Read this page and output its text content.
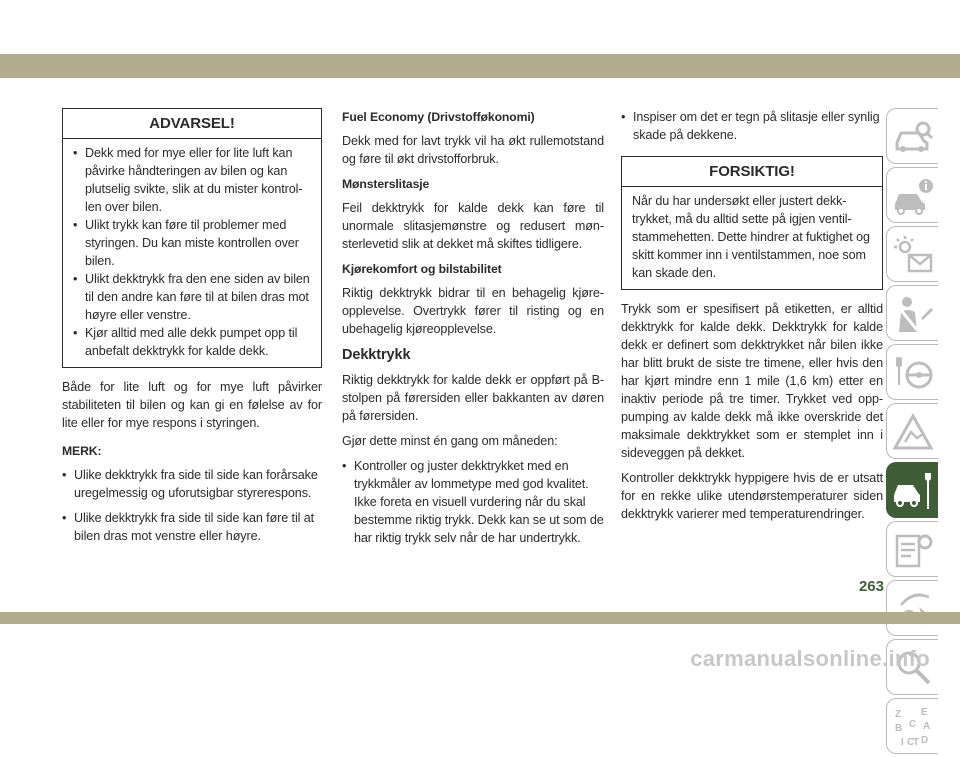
ADVARSEL!
• Dekk med for mye eller for lite luft kan påvirke håndteringen av bilen og kan plutselig svikte, slik at du mister kontrollen over bilen.
• Ulikt trykk kan føre til problemer med styringen. Du kan miste kontrollen over bilen.
• Ulikt dekktrykk fra den ene siden av bilen til den andre kan føre til at bilen dras mot høyre eller venstre.
• Kjør alltid med alle dekk pumpet opp til anbefalt dekktrykk for kalde dekk.

Både for lite luft og for mye luft påvirker stabiliteten til bilen og kan gi en følelse av for lite eller for mye respons i styringen.

MERK:
• Ulike dekktrykk fra side til side kan forårsake uregelmessig og uforutsigbar styrerespons.
• Ulike dekktrykk fra side til side kan føre til at bilen dras mot venstre eller høyre.
Fuel Economy (Drivstofføkonomi)

Dekk med for lavt trykk vil ha økt rullemotstand og føre til økt drivstofforbruk.

Mønsterslitasje

Feil dekktrykk for kalde dekk kan føre til unormale slitasjemønstre og redusert mønsterlevetid slik at dekket må skiftes tidligere.

Kjørekomfort og bilstabilitet

Riktig dekktrykk bidrar til en behagelig kjøreopplevelse. Overtrykk fører til risting og en ubehagelig kjøreopplevelse.

Dekktrykk

Riktig dekktrykk for kalde dekk er oppført på B-stolpen på førersiden eller bakkanten av døren på førersiden.

Gjør dette minst én gang om måneden:

• Kontroller og juster dekktrykket med en trykkmåler av lommetype med god kvalitet. Ikke foreta en visuell vurdering når du skal bestemme riktig trykk. Dekk kan se ut som de har riktig trykk selv når de har undertrykk.
• Inspiser om det er tegn på slitasje eller synlig skade på dekkene.
FORSIKTIG!

Når du har undersøkt eller justert dekktrykket, må du alltid sette på igjen ventilstammehetten. Dette hindrer at fuktighet og skitt kommer inn i ventilstammen, noe som kan skade den.

Trykk som er spesifisert på etiketten, er alltid dekktrykk for kalde dekk. Dekktrykk for kalde dekk er definert som dekktrykket når bilen ikke har blitt brukt de siste tre timene, eller hvis den har kjørt mindre enn 1 mile (1,6 km) etter en inaktiv periode på tre timer. Trykket ved opp-pumping av kalde dekk må ikke overskride det maksimale dekktrykket som er stemplet inn i sideveggen på dekket.

Kontroller dekktrykk hyppigere hvis de er utsatt for en rekke ulike utendørstemperaturer siden dekktrykk varierer med temperaturendringer.

Z E
B C A
D
I C
T
263
carmanualsonline.info
